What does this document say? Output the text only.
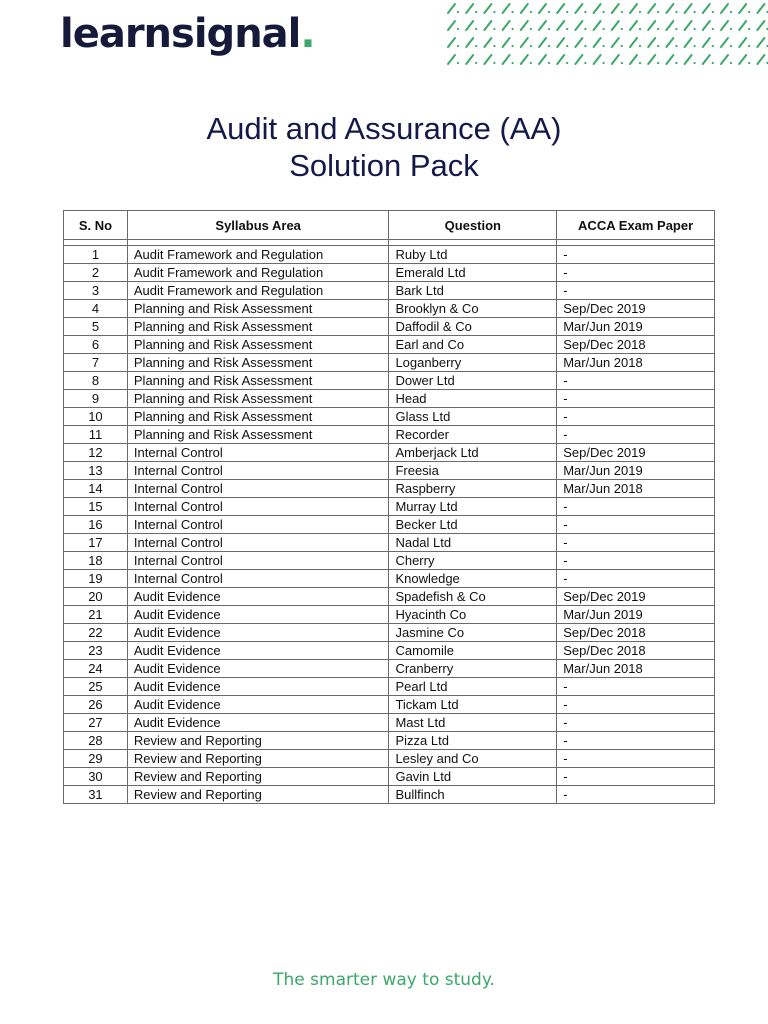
learnsignal.
Audit and Assurance (AA)
Solution Pack
S. No	Syllabus Area	Question	ACCA Exam Paper

1	Audit Framework and Regulation	Ruby Ltd	-
2	Audit Framework and Regulation	Emerald Ltd	-
3	Audit Framework and Regulation	Bark Ltd	-
4	Planning and Risk Assessment	Brooklyn & Co	Sep/Dec 2019
5	Planning and Risk Assessment	Daffodil & Co	Mar/Jun 2019
6	Planning and Risk Assessment	Earl and Co	Sep/Dec 2018
7	Planning and Risk Assessment	Loganberry	Mar/Jun 2018
8	Planning and Risk Assessment	Dower Ltd	-
9	Planning and Risk Assessment	Head	-
10	Planning and Risk Assessment	Glass Ltd	-
11	Planning and Risk Assessment	Recorder	-
12	Internal Control	Amberjack Ltd	Sep/Dec 2019
13	Internal Control	Freesia	Mar/Jun 2019
14	Internal Control	Raspberry	Mar/Jun 2018
15	Internal Control	Murray Ltd	-
16	Internal Control	Becker Ltd	-
17	Internal Control	Nadal Ltd	-
18	Internal Control	Cherry	-
19	Internal Control	Knowledge	-
20	Audit Evidence	Spadefish & Co	Sep/Dec 2019
21	Audit Evidence	Hyacinth Co	Mar/Jun 2019
22	Audit Evidence	Jasmine Co	Sep/Dec 2018
23	Audit Evidence	Camomile	Sep/Dec 2018
24	Audit Evidence	Cranberry	Mar/Jun 2018
25	Audit Evidence	Pearl Ltd	-
26	Audit Evidence	Tickam Ltd	-
27	Audit Evidence	Mast Ltd	-
28	Review and Reporting	Pizza Ltd	-
29	Review and Reporting	Lesley and Co	-
30	Review and Reporting	Gavin Ltd	-
31	Review and Reporting	Bullfinch	-
The smarter way to study.
